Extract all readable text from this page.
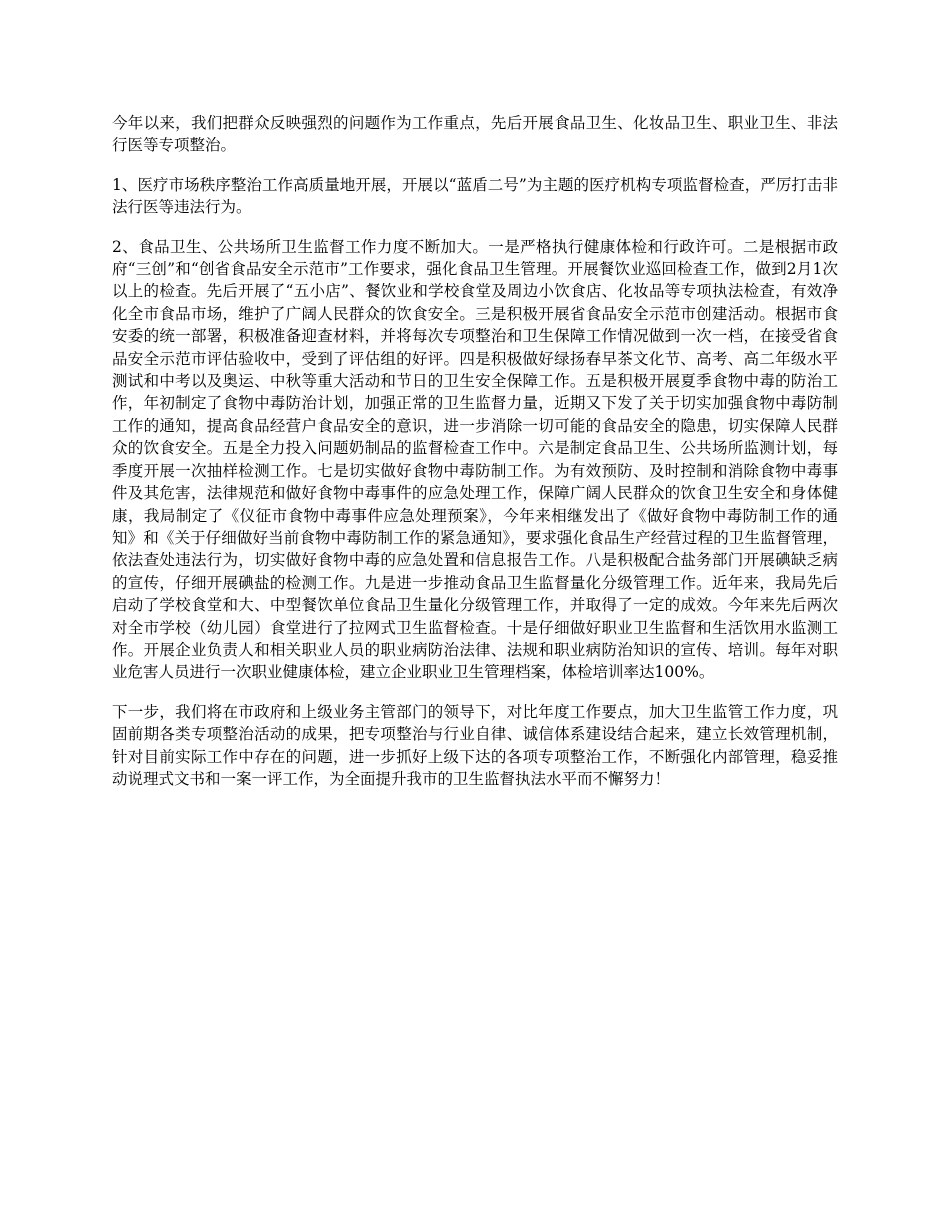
今年以来，我们把群众反映强烈的问题作为工作重点，先后开展食品卫生、化妆品卫生、职业卫生、非法行医等专项整治。

1、医疗市场秩序整治工作高质量地开展，开展以“蓝盾二号”为主题的医疗机构专项监督检查，严厉打击非法行医等违法行为。

2、食品卫生、公共场所卫生监督工作力度不断加大。一是严格执行健康体检和行政许可。二是根据市政府“三创”和“创省食品安全示范市”工作要求，强化食品卫生管理。开展餐饮业巡回检查工作，做到2月1次以上的检查。先后开展了“五小店”、餐饮业和学校食堂及周边小饮食店、化妆品等专项执法检查，有效净化全市食品市场，维护了广阔人民群众的饮食安全。三是积极开展省食品安全示范市创建活动。根据市食安委的统一部署，积极准备迎查材料，并将每次专项整治和卫生保障工作情况做到一次一档，在接受省食品安全示范市评估验收中，受到了评估组的好评。四是积极做好绿扬春早茶文化节、高考、高二年级水平测试和中考以及奥运、中秋等重大活动和节日的卫生安全保障工作。五是积极开展夏季食物中毒的防治工作，年初制定了食物中毒防治计划，加强正常的卫生监督力量，近期又下发了关于切实加强食物中毒防制工作的通知，提高食品经营户食品安全的意识，进一步消除一切可能的食品安全的隐患，切实保障人民群众的饮食安全。五是全力投入问题奶制品的监督检查工作中。六是制定食品卫生、公共场所监测计划，每季度开展一次抽样检测工作。七是切实做好食物中毒防制工作。为有效预防、及时控制和消除食物中毒事件及其危害，法律规范和做好食物中毒事件的应急处理工作，保障广阔人民群众的饮食卫生安全和身体健康，我局制定了《仪征市食物中毒事件应急处理预案》，今年来相继发出了《做好食物中毒防制工作的通知》和《关于仔细做好当前食物中毒防制工作的紧急通知》，要求强化食品生产经营过程的卫生监督管理，依法查处违法行为，切实做好食物中毒的应急处置和信息报告工作。八是积极配合盐务部门开展碘缺乏病的宣传，仔细开展碘盐的检测工作。九是进一步推动食品卫生监督量化分级管理工作。近年来，我局先后启动了学校食堂和大、中型餐饮单位食品卫生量化分级管理工作，并取得了一定的成效。今年来先后两次对全市学校（幼儿园）食堂进行了拉网式卫生监督检查。十是仔细做好职业卫生监督和生活饮用水监测工作。开展企业负责人和相关职业人员的职业病防治法律、法规和职业病防治知识的宣传、培训。每年对职业危害人员进行一次职业健康体检，建立企业职业卫生管理档案，体检培训率达100%。

下一步，我们将在市政府和上级业务主管部门的领导下，对比年度工作要点，加大卫生监管工作力度，巩固前期各类专项整治活动的成果，把专项整治与行业自律、诚信体系建设结合起来，建立长效管理机制，针对目前实际工作中存在的问题，进一步抓好上级下达的各项专项整治工作，不断强化内部管理，稳妥推动说理式文书和一案一评工作，为全面提升我市的卫生监督执法水平而不懈努力！
